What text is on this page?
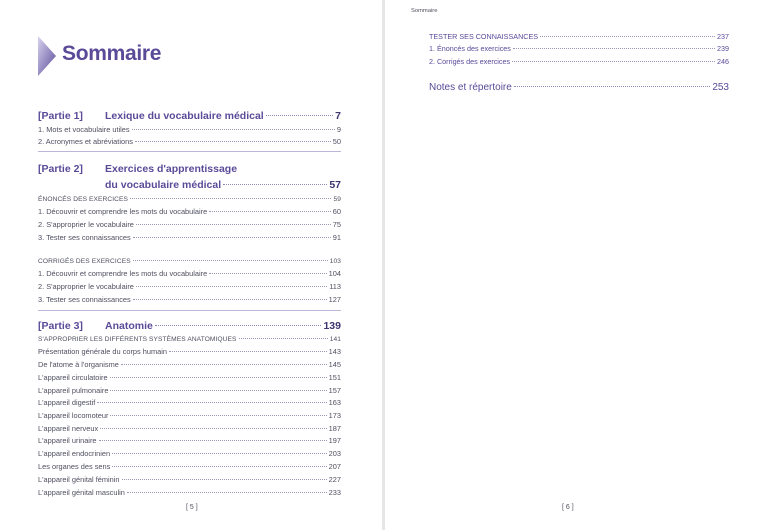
Sommaire
[Partie 1]	Lexique du vocabulaire médical	7
1. Mots et vocabulaire utiles	9
2. Acronymes et abréviations	50
[Partie 2]	Exercices d'apprentissage
du vocabulaire médical	57
ÉNONCÉS DES EXERCICES	59
1. Découvrir et comprendre les mots du vocabulaire	60
2. S'approprier le vocabulaire	75
3. Tester ses connaissances	91
CORRIGÉS DES EXERCICES	103
1. Découvrir et comprendre les mots du vocabulaire	104
2. S'approprier le vocabulaire	113
3. Tester ses connaissances	127
[Partie 3]	Anatomie	139
S'APPROPRIER LES DIFFÉRENTS SYSTÈMES ANATOMIQUES	141
Présentation générale du corps humain	143
De l'atome à l'organisme	145
L'appareil circulatoire	151
L'appareil pulmonaire	157
L'appareil digestif	163
L'appareil locomoteur	173
L'appareil nerveux	187
L'appareil urinaire	197
L'appareil endocrinien	203
Les organes des sens	207
L'appareil génital féminin	227
L'appareil génital masculin	233
[ 5 ]
Sommaire
TESTER SES CONNAISSANCES	237
1. Énoncés des exercices	239
2. Corrigés des exercices	246
Notes et répertoire	253
[ 6 ]
